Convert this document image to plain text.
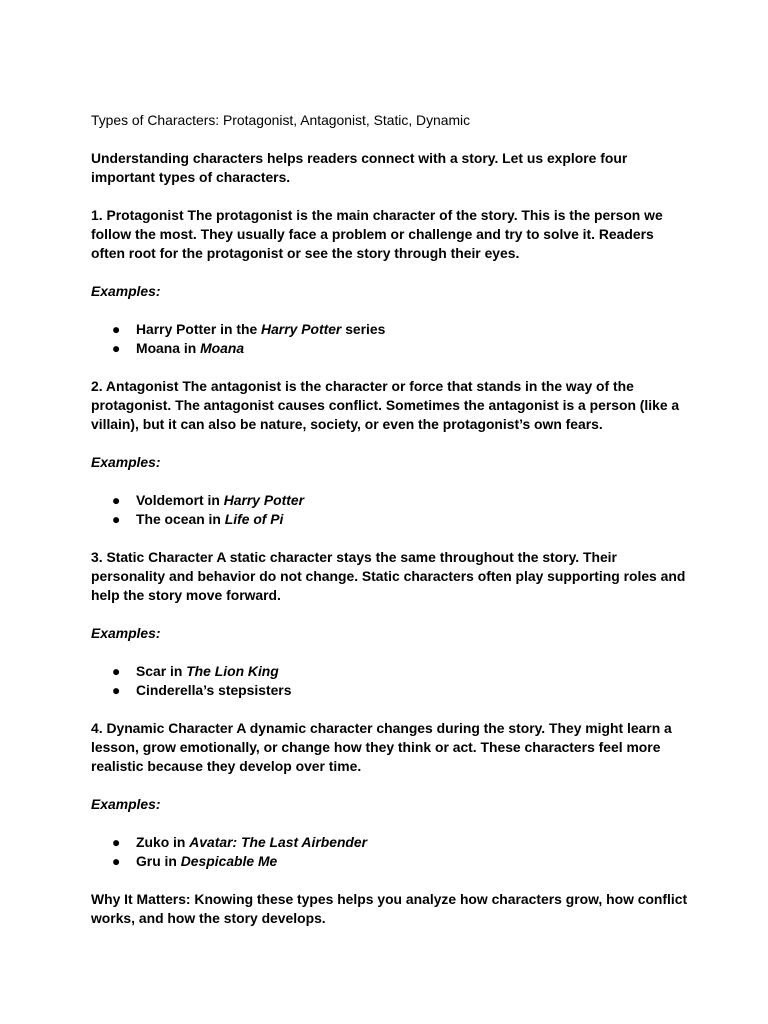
Types of Characters: Protagonist, Antagonist, Static, Dynamic

Understanding characters helps readers connect with a story. Let us explore four important types of characters.

1. Protagonist The protagonist is the main character of the story. This is the person we follow the most. They usually face a problem or challenge and try to solve it. Readers often root for the protagonist or see the story through their eyes.

Examples:
● Harry Potter in the Harry Potter series
● Moana in Moana

2. Antagonist The antagonist is the character or force that stands in the way of the protagonist. The antagonist causes conflict. Sometimes the antagonist is a person (like a villain), but it can also be nature, society, or even the protagonist’s own fears.

Examples:
● Voldemort in Harry Potter
● The ocean in Life of Pi

3. Static Character A static character stays the same throughout the story. Their personality and behavior do not change. Static characters often play supporting roles and help the story move forward.

Examples:
● Scar in The Lion King
● Cinderella’s stepsisters

4. Dynamic Character A dynamic character changes during the story. They might learn a lesson, grow emotionally, or change how they think or act. These characters feel more realistic because they develop over time.

Examples:
● Zuko in Avatar: The Last Airbender
● Gru in Despicable Me

Why It Matters: Knowing these types helps you analyze how characters grow, how conflict works, and how the story develops.
